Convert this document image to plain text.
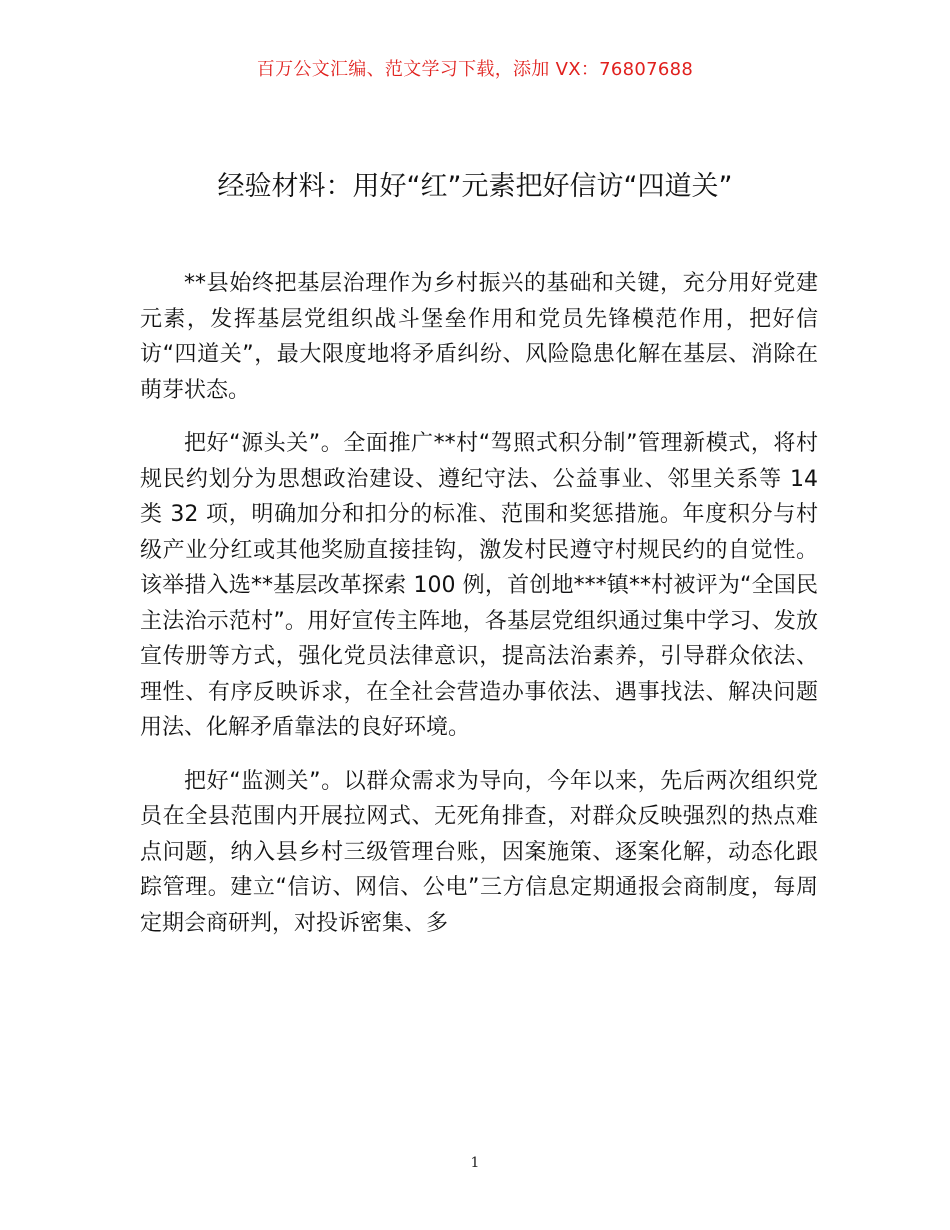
百万公文汇编、范文学习下载，添加 VX：76807688
经验材料：用好“红”元素把好信访“四道关”

**县始终把基层治理作为乡村振兴的基础和关键，充分用好党建元素，发挥基层党组织战斗堡垒作用和党员先锋模范作用，把好信访“四道关”，最大限度地将矛盾纠纷、风险隐患化解在基层、消除在萌芽状态。

把好“源头关”。全面推广**村“驾照式积分制”管理新模式，将村规民约划分为思想政治建设、遵纪守法、公益事业、邻里关系等 14 类 32 项，明确加分和扣分的标准、范围和奖惩措施。年度积分与村级产业分红或其他奖励直接挂钩，激发村民遵守村规民约的自觉性。该举措入选**基层改革探索 100 例，首创地***镇**村被评为“全国民主法治示范村”。用好宣传主阵地，各基层党组织通过集中学习、发放宣传册等方式，强化党员法律意识，提高法治素养，引导群众依法、理性、有序反映诉求，在全社会营造办事依法、遇事找法、解决问题用法、化解矛盾靠法的良好环境。

把好“监测关”。以群众需求为导向，今年以来，先后两次组织党员在全县范围内开展拉网式、无死角排查，对群众反映强烈的热点难点问题，纳入县乡村三级管理台账，因案施策、逐案化解，动态化跟踪管理。建立“信访、网信、公电”三方信息定期通报会商制度，每周定期会商研判，对投诉密集、多

1
